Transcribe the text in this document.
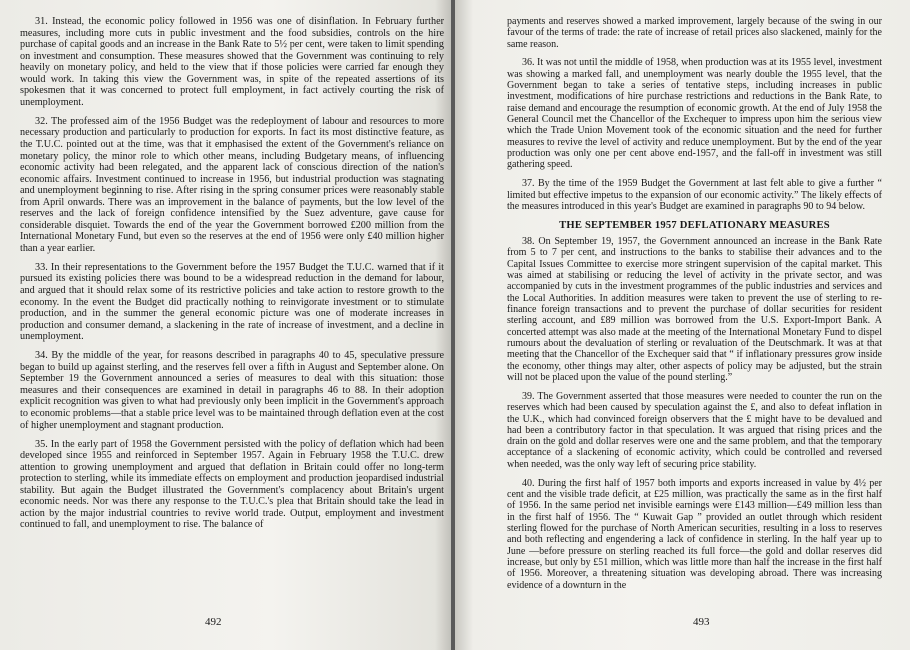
31. Instead, the economic policy followed in 1956 was one of disinflation. In February further measures, including more cuts in public investment and the food subsidies, controls on the hire purchase of capital goods and an increase in the Bank Rate to 5½ per cent, were taken to limit spending on investment and consumption. These measures showed that the Government was continuing to rely heavily on monetary policy, and held to the view that if those policies were carried far enough they would work. In taking this view the Government was, in spite of the repeated assertions of its spokesmen that it was concerned to protect full employment, in fact actively courting the risk of unemployment.

32. The professed aim of the 1956 Budget was the redeployment of labour and resources to more necessary production and particularly to production for exports. In fact its most distinctive feature, as the T.U.C. pointed out at the time, was that it emphasised the extent of the Government's reliance on monetary policy, the minor role to which other means, including Budgetary means, of influencing economic activity had been relegated, and the apparent lack of conscious direction of the nation's economic affairs. Investment continued to increase in 1956, but industrial production was stagnating and unemployment beginning to rise. After rising in the spring consumer prices were reasonably stable from April onwards. There was an improvement in the balance of payments, but the low level of the reserves and the lack of foreign confidence intensified by the Suez adventure, gave cause for considerable disquiet. Towards the end of the year the Government borrowed £200 million from the International Monetary Fund, but even so the reserves at the end of 1956 were only £40 million higher than a year earlier.

33. In their representations to the Government before the 1957 Budget the T.U.C. warned that if it pursued its existing policies there was bound to be a widespread reduction in the demand for labour, and argued that it should relax some of its restrictive policies and take action to restore growth to the economy. In the event the Budget did practically nothing to reinvigorate investment or to stimulate production, and in the summer the general economic picture was one of moderate increases in production and consumer demand, a slackening in the rate of increase of investment, and a decline in unemployment.

34. By the middle of the year, for reasons described in paragraphs 40 to 45, speculative pressure began to build up against sterling, and the reserves fell over a fifth in August and September alone. On September 19 the Government announced a series of measures to deal with this situation: those measures and their consequences are examined in detail in paragraphs 46 to 88. In their adoption explicit recognition was given to what had previously only been implicit in the Government's approach to economic problems—that a stable price level was to be maintained through deflation even at the cost of higher unemployment and stagnant production.

35. In the early part of 1958 the Government persisted with the policy of deflation which had been developed since 1955 and reinforced in September 1957. Again in February 1958 the T.U.C. drew attention to growing unemployment and argued that deflation in Britain could offer no long-term protection to sterling, while its immediate effects on employment and production jeopardised industrial stability. But again the Budget illustrated the Government's complacency about Britain's urgent economic needs. Nor was there any response to the T.U.C.'s plea that Britain should take the lead in action by the major industrial countries to revive world trade. Output, employment and investment continued to fall, and unemployment to rise. The balance of

492

payments and reserves showed a marked improvement, largely because of the swing in our favour of the terms of trade: the rate of increase of retail prices also slackened, mainly for the same reason.

36. It was not until the middle of 1958, when production was at its 1955 level, investment was showing a marked fall, and unemployment was nearly double the 1955 level, that the Government began to take a series of tentative steps, including increases in public investment, modifications of hire purchase restrictions and reductions in the Bank Rate, to raise demand and encourage the resumption of economic growth. At the end of July 1958 the General Council met the Chancellor of the Exchequer to impress upon him the serious view which the Trade Union Movement took of the economic situation and the need for further measures to revive the level of activity and reduce unemployment. But by the end of the year production was only one per cent above end-1957, and the fall-off in investment was still gathering speed.

37. By the time of the 1959 Budget the Government at last felt able to give a further “ limited but effective impetus to the expansion of our economic activity.” The likely effects of the measures introduced in this year's Budget are examined in paragraphs 90 to 94 below.

THE SEPTEMBER 1957 DEFLATIONARY MEASURES

38. On September 19, 1957, the Government announced an increase in the Bank Rate from 5 to 7 per cent, and instructions to the banks to stabilise their advances and to the Capital Issues Committee to exercise more stringent supervision of the capital market. This was aimed at stabilising or reducing the level of activity in the private sector, and was accompanied by cuts in the investment programmes of the public industries and services and the Local Authorities. In addition measures were taken to prevent the use of sterling to re-finance foreign transactions and to prevent the purchase of dollar securities for resident sterling account, and £89 million was borrowed from the U.S. Export-Import Bank. A concerted attempt was also made at the meeting of the International Monetary Fund to dispel rumours about the devaluation of sterling or revaluation of the Deutschmark. It was at that meeting that the Chancellor of the Exchequer said that “ if inflationary pressures grow inside the economy, other things may alter, other aspects of policy may be adjusted, but the strain will not be placed upon the value of the pound sterling.”

39. The Government asserted that those measures were needed to counter the run on the reserves which had been caused by speculation against the £, and also to defeat inflation in the U.K., which had convinced foreign observers that the £ might have to be devalued and had been a contributory factor in that speculation. It was argued that rising prices and the drain on the gold and dollar reserves were one and the same problem, and that the temporary acceptance of a slackening of economic activity, which could be controlled and reversed when needed, was the only way left of securing price stability.

40. During the first half of 1957 both imports and exports increased in value by 4½ per cent and the visible trade deficit, at £25 million, was practically the same as in the first half of 1956. In the same period net invisible earnings were £143 million—£49 million less than in the first half of 1956. The “ Kuwait Gap ” provided an outlet through which resident sterling flowed for the purchase of North American securities, resulting in a loss to reserves and both reflecting and engendering a lack of confidence in sterling. In the half year up to June —before pressure on sterling reached its full force—the gold and dollar reserves did increase, but only by £51 million, which was little more than half the increase in the first half of 1956. Moreover, a threatening situation was developing abroad. There was increasing evidence of a downturn in the

493
